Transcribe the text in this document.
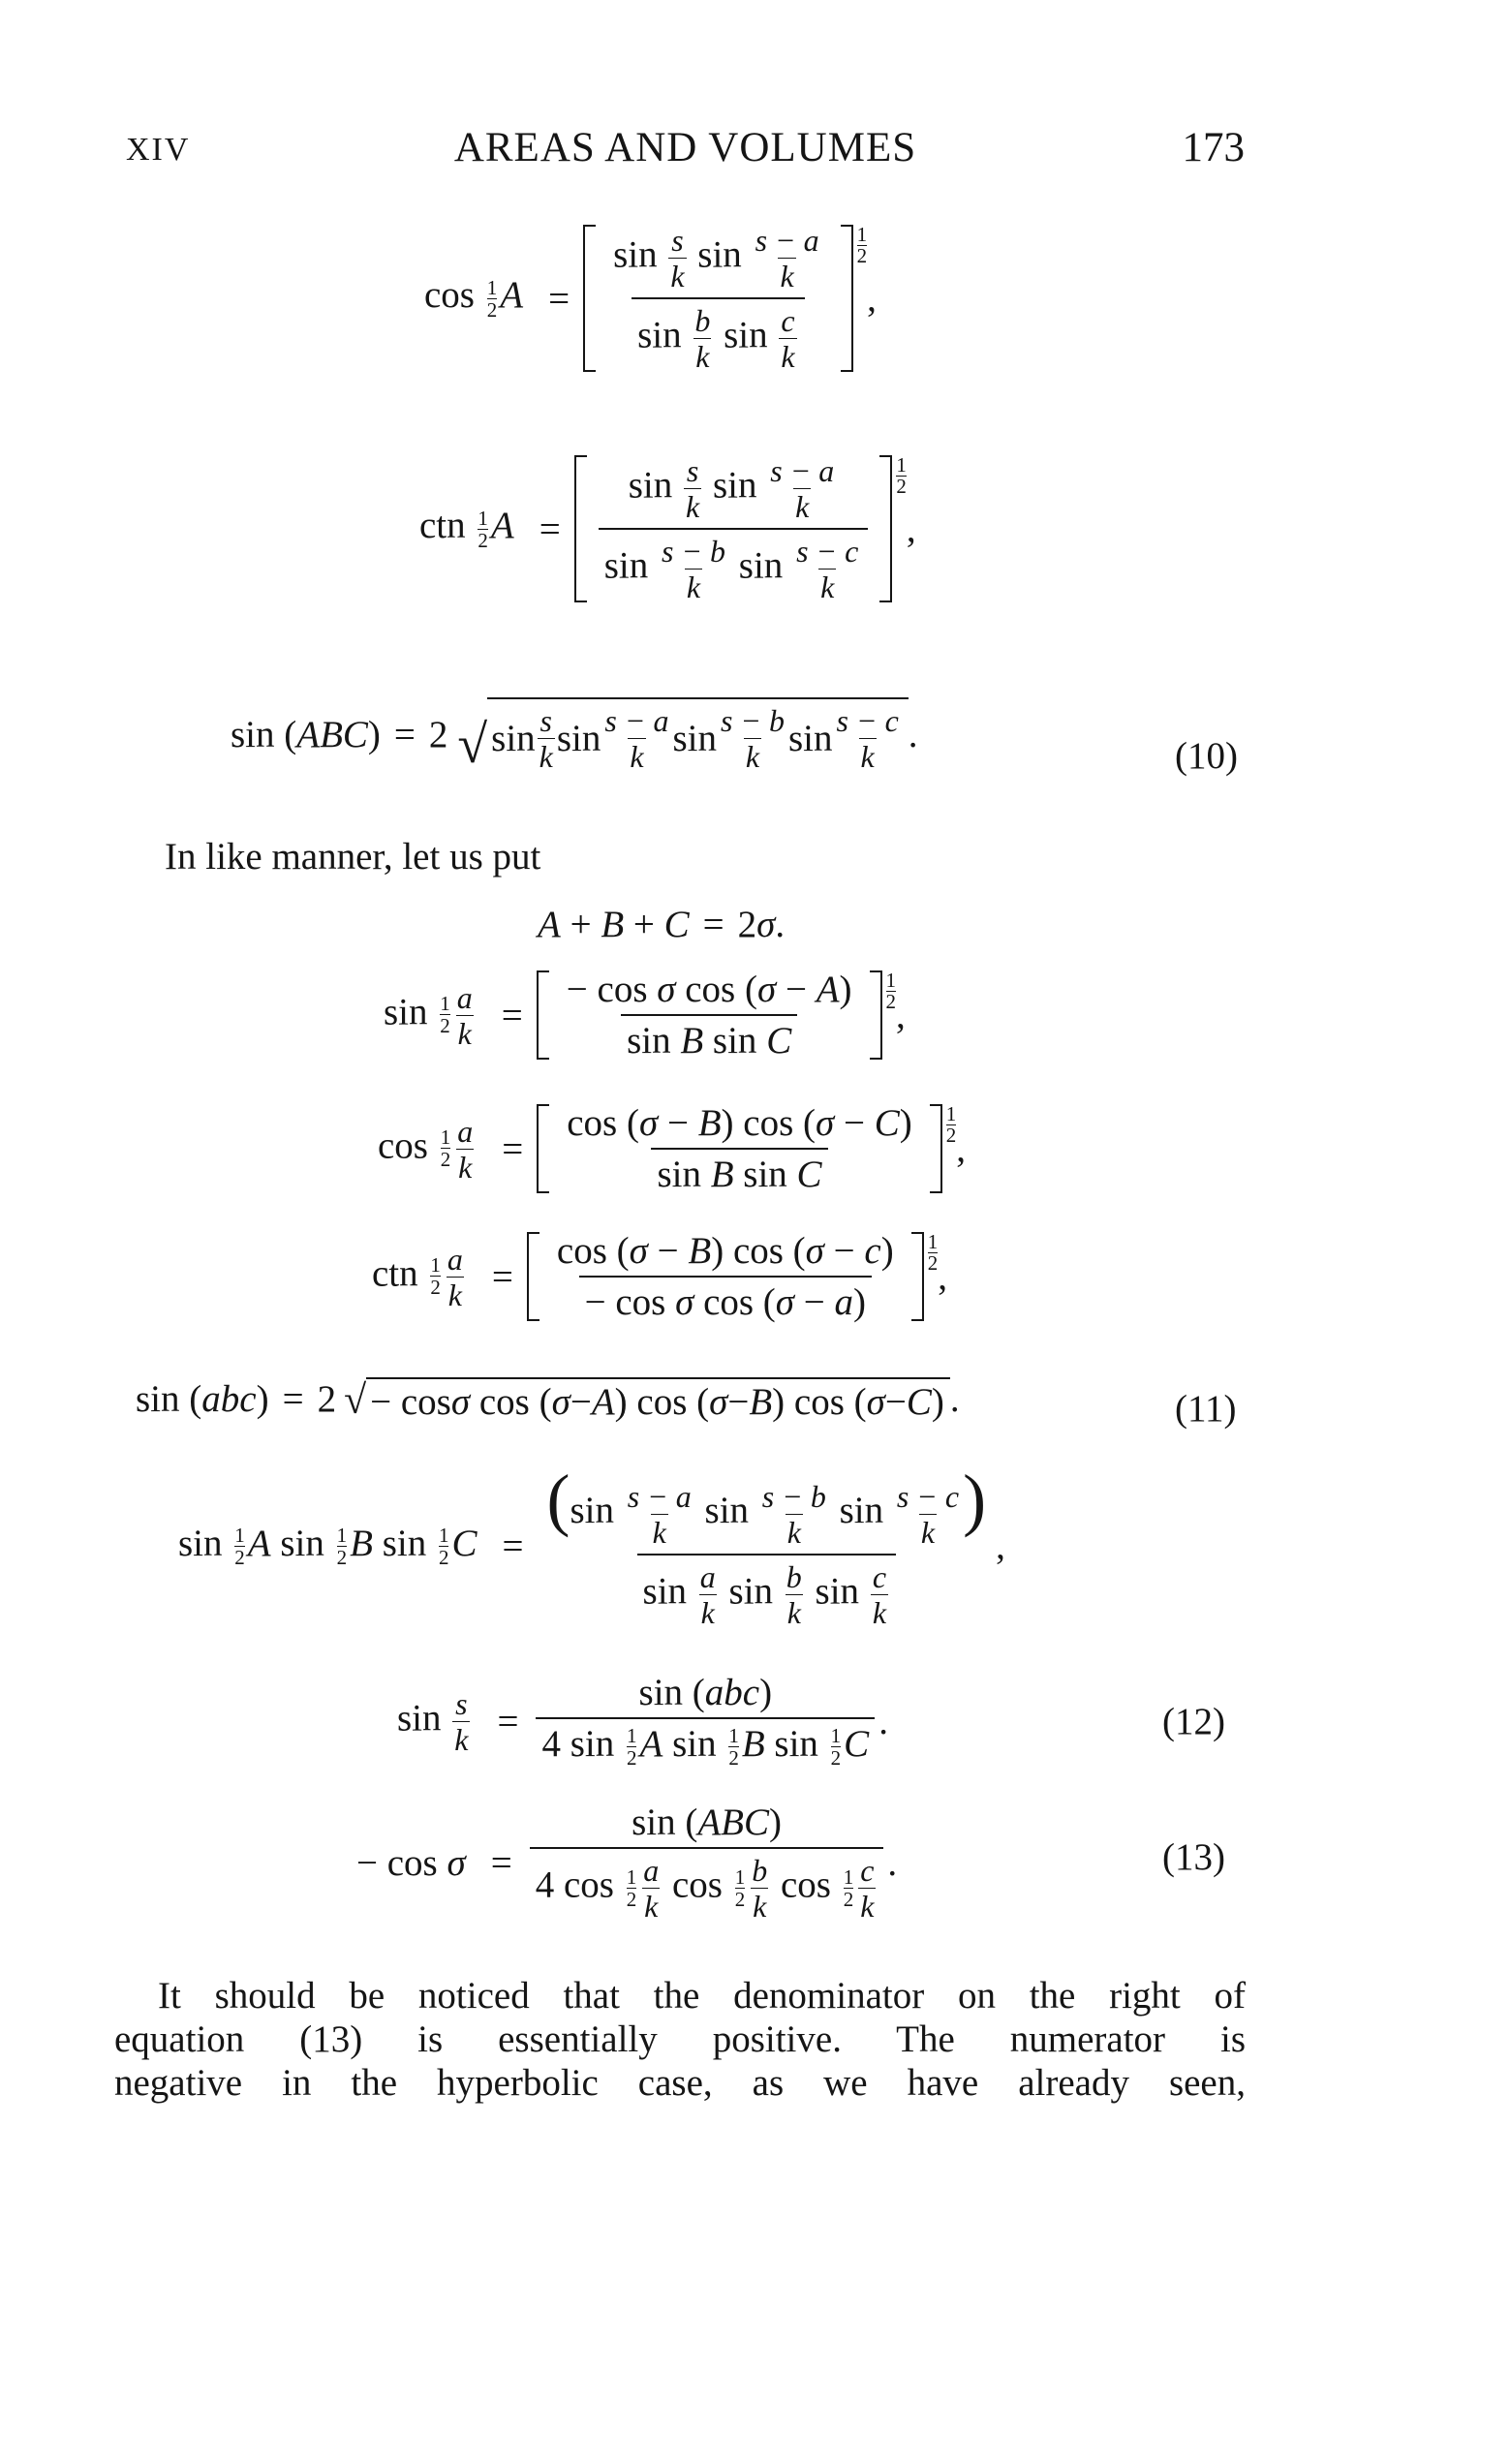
XIV	AREAS AND VOLUMES	173
$\cos \frac{1}{2}$ A =	$\frac{\sin \frac{s}{k} \sin \frac{s - a}{k}}{\sin \frac{b}{k} \sin \frac{c}{k}} 1$
2
,
ctn $\frac{1}{2}$ A =	$\frac{\sin \frac{s}{k} \sin \frac{s - a}{k}}{\sin \frac{s - b}{k} \sin \frac{s - c}{k}} 1$
2
,
sin (ABC) = 2 √ sin s
k sin s − a
k sin s − b
k sin s − c
k
.
(10)
In like manner, let us put
A + B + C = 2σ.
$\sin \frac{1}{2} \frac{a}{k}$ =	$\frac{\text{− cos σ cos (σ − A)}}{\text{sin B sin C}} 1$
2 ,
$\cos \frac{1}{2} \frac{a}{k}$ =	$\frac{\cos (\sigma - B) \cos (\sigma - C)}{\text{sin B sin C}} 1$
2 ,
ctn $\frac{1}{2} \frac{a}{k}$ =	$\frac{\cos (\sigma - B) \cos (\sigma - c)}{\text{− cos σ cos (σ − a)}} 1$
2 ,
sin (abc) = 2 √ − cos σ cos ( σ − A ) cos ( σ − B ) cos ( σ − C ) .	(11)
$\sin \frac{1}{2}$ A $\sin \frac{1}{2}$ B $\sin \frac{1}{2}$ $C = \frac{(\sin \frac{s - a}{k} \sin \frac{s - b}{k} \sin \frac{s - c}{k} )}{\sin \frac{a}{k} \sin \frac{b}{k} \sin \frac{c}{k}}$ ,
$\sin \frac{s}{k} = \frac{\text{sin (abc)}}{4 \sin \frac{1}{2} A \sin \frac{1}{2} B \sin \frac{1}{2} C}$ .	(12)
− $\cos \sigma = \frac{\text{sin (ABC)}}{4 \cos \frac{1}{2} \frac{a}{k} \cos \frac{1}{2} \frac{b}{k} \cos \frac{1}{2} \frac{c}{k}}$ .	(13)
It should be noticed that the denominator on the right of
equation (13) is essentially positive. The numerator is
negative in the hyperbolic case, as we have already seen,
